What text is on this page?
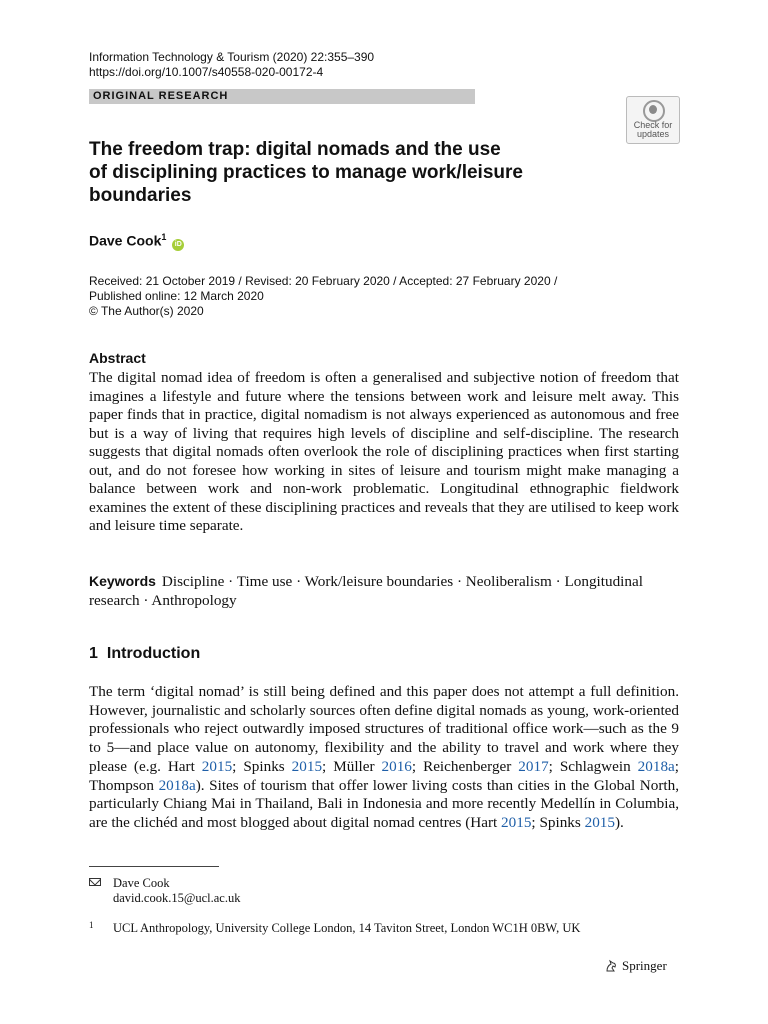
Information Technology & Tourism (2020) 22:355–390
https://doi.org/10.1007/s40558-020-00172-4
ORIGINAL RESEARCH
Check for
updates
The freedom trap: digital nomads and the use
of disciplining practices to manage work/leisure
boundaries
Dave Cook$^1$ iD
Received: 21 October 2019 / Revised: 20 February 2020 / Accepted: 27 February 2020 /
Published online: 12 March 2020
© The Author(s) 2020
Abstract

The digital nomad idea of freedom is often a generalised and subjective notion of freedom that imagines a lifestyle and future where the tensions between work and leisure melt away. This paper finds that in practice, digital nomadism is not always experienced as autonomous and free but is a way of living that requires high levels of discipline and self-discipline. The research suggests that digital nomads often overlook the role of disciplining practices when first starting out, and do not foresee how working in sites of leisure and tourism might make managing a balance between work and non-work problematic. Longitudinal ethnographic fieldwork examines the extent of these disciplining practices and reveals that they are utilised to keep work and leisure time separate.

Keywords Discipline · Time use · Work/leisure boundaries · Neoliberalism · Longitudinal research · Anthropology

1 Introduction

The term ‘digital nomad’ is still being defined and this paper does not attempt a full definition. However, journalistic and scholarly sources often define digital nomads as young, work-oriented professionals who reject outwardly imposed structures of traditional office work—such as the 9 to 5—and place value on autonomy, flexibility and the ability to travel and work where they please (e.g. Hart 2015; Spinks 2015; Müller 2016; Reichenberger 2017; Schlagwein 2018a; Thompson 2018a). Sites of tourism that offer lower living costs than cities in the Global North, particularly Chiang Mai in Thailand, Bali in Indonesia and more recently Medellín in Columbia, are the clichéd and most blogged about digital nomad centres (Hart 2015; Spinks 2015).

Dave Cook
david.cook.15@ucl.ac.uk
1 UCL Anthropology, University College London, 14 Taviton Street, London WC1H 0BW, UK
Springer
